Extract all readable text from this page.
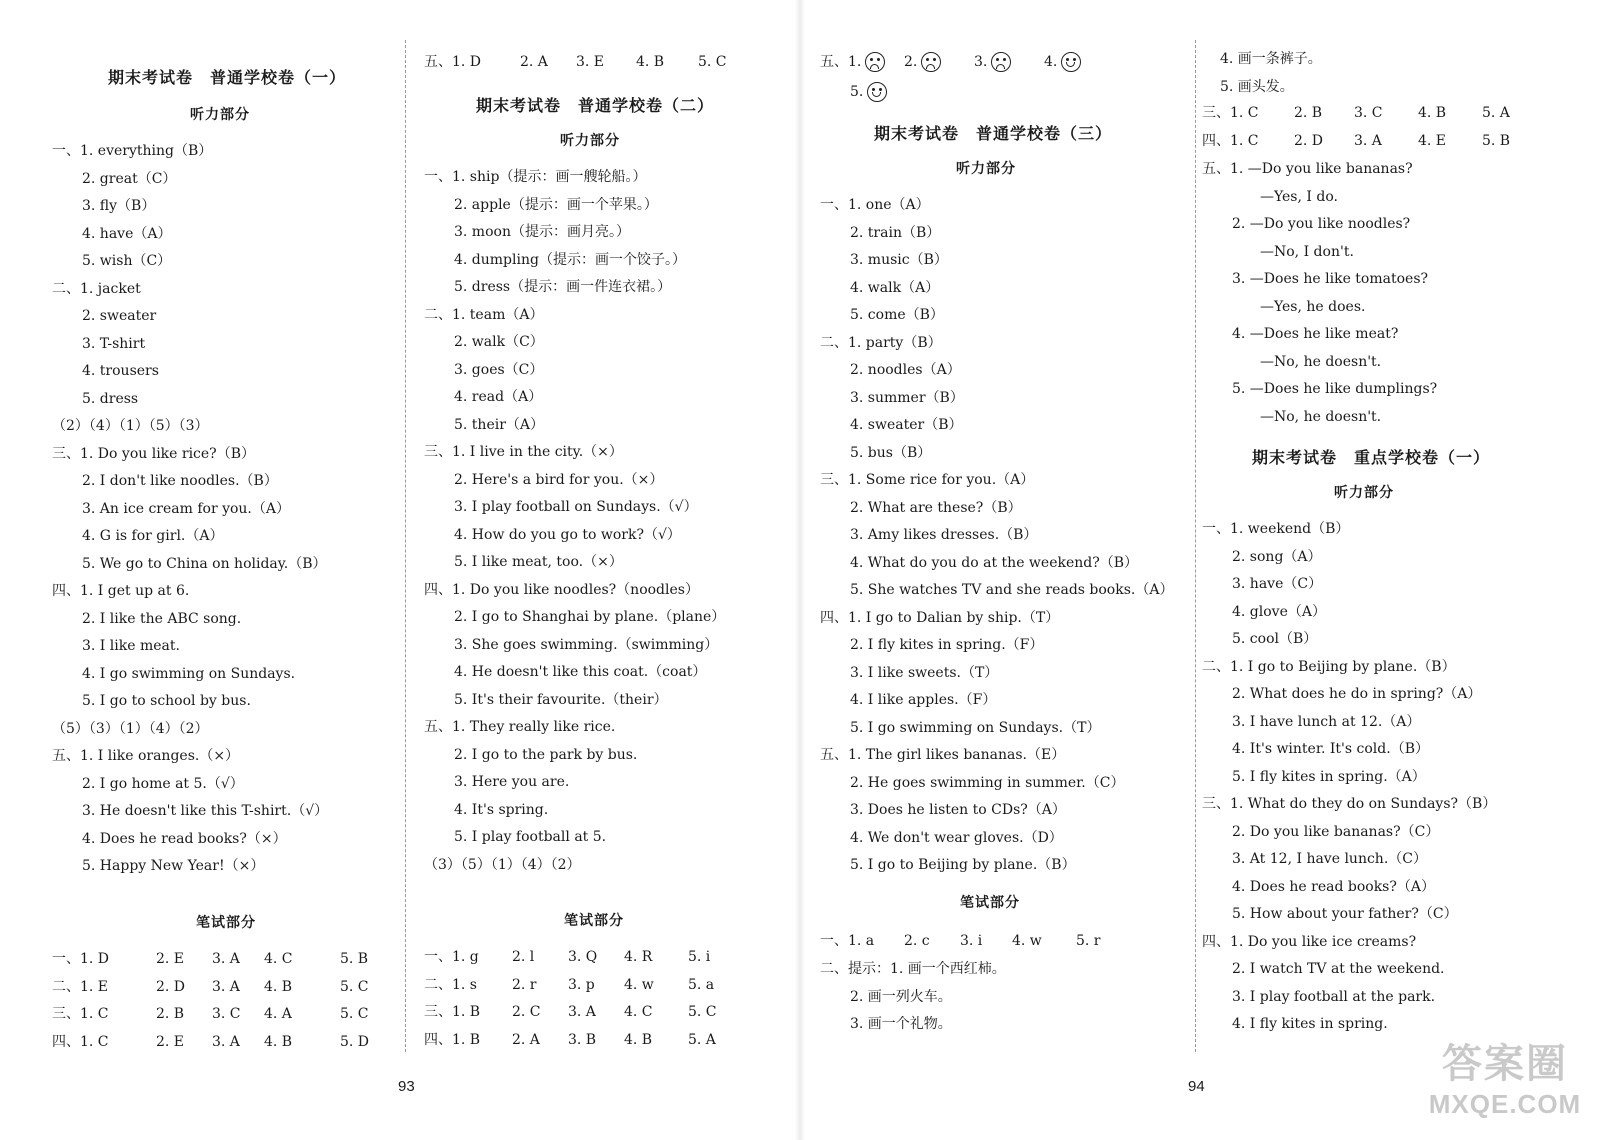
93	94
答案圈
MXQE.COM
期末考试卷　普通学校卷（一）
听力部分
一、1. everything（B）
2. great（C）
3. fly（B）
4. have（A）
5. wish（C）
二、1. jacket
2. sweater
3. T-shirt
4. trousers
5. dress
（2）（4）（1）（5）（3）
三、1. Do you like rice?（B）
2. I don't like noodles.（B）
3. An ice cream for you.（A）
4. G is for girl.（A）
5. We go to China on holiday.（B）
四、1. I get up at 6.
2. I like the ABC song.
3. I like meat.
4. I go swimming on Sundays.
5. I go to school by bus.
（5）（3）（1）（4）（2）
五、1. I like oranges.（×）
2. I go home at 5.（√）
3. He doesn't like this T-shirt.（√）
4. Does he read books?（×）
5. Happy New Year!（×）
笔试部分
一、1. D	2. E 3. A 4. C	5. B
二、1. E	2. D 3. A 4. B	5. C
三、1. C	2. B 3. C 4. A	5. C
四、1. C	2. E 3. A 4. B	5. D
五、1. D	2. A 3. E 4. B 5. C
期末考试卷　普通学校卷（二）
听力部分
一、1. ship（提示：画一艘轮船。）
2. apple（提示：画一个苹果。）
3. moon（提示：画月亮。）
4. dumpling（提示：画一个饺子。）
5. dress（提示：画一件连衣裙。）
二、1. team（A）
2. walk（C）
3. goes（C）
4. read（A）
5. their（A）
三、1. I live in the city.（×）
2. Here's a bird for you.（×）
3. I play football on Sundays.（√）
4. How do you go to work?（√）
5. I like meat, too.（×）
四、1. Do you like noodles?（noodles）
2. I go to Shanghai by plane.（plane）
3. She goes swimming.（swimming）
4. He doesn't like this coat.（coat）
5. It's their favourite.（their）
五、1. They really like rice.
2. I go to the park by bus.
3. Here you are.
4. It's spring.
5. I play football at 5.
（3）（5）（1）（4）（2）
笔试部分
一、1. g 2. l 3. Q 4. R	5. i
二、1. s	2. r 3. p 4. w 5. a
三、1. B 2. C 3. A 4. C	5. C
四、1. B 2. A 3. B 4. B	5. A
五、1.	2.	3.	4.
5.
期末考试卷　普通学校卷（三）
听力部分
一、1. one（A）
2. train（B）
3. music（B）
4. walk（A）
5. come（B）
二、1. party（B）
2. noodles（A）
3. summer（B）
4. sweater（B）
5. bus（B）
三、1. Some rice for you.（A）
2. What are these?（B）
3. Amy likes dresses.（B）
4. What do you do at the weekend?（B）
5. She watches TV and she reads books.（A）
四、1. I go to Dalian by ship.（T）
2. I fly kites in spring.（F）
3. I like sweets.（T）
4. I like apples.（F）
5. I go swimming on Sundays.（T）
五、1. The girl likes bananas.（E）
2. He goes swimming in summer.（C）
3. Does he listen to CDs?（A）
4. We don't wear gloves.（D）
5. I go to Beijing by plane.（B）
笔试部分
一、1. a 2. c 3. i 4. w 5. r
二、提示：1. 画一个西红柿。
2. 画一列火车。
3. 画一个礼物。
4. 画一条裤子。
5. 画头发。
三、1. C	2. B 3. C	4. B	5. A
四、1. C	2. D 3. A	4. E	5. B
五、1. —Do you like bananas?
—Yes, I do.
2. —Do you like noodles?
—No, I don't.
3. —Does he like tomatoes?
—Yes, he does.
4. —Does he like meat?
—No, he doesn't.
5. —Does he like dumplings?
—No, he doesn't.
期末考试卷　重点学校卷（一）
听力部分
一、1. weekend（B）
2. song（A）
3. have（C）
4. glove（A）
5. cool（B）
二、1. I go to Beijing by plane.（B）
2. What does he do in spring?（A）
3. I have lunch at 12.（A）
4. It's winter. It's cold.（B）
5. I fly kites in spring.（A）
三、1. What do they do on Sundays?（B）
2. Do you like bananas?（C）
3. At 12, I have lunch.（C）
4. Does he read books?（A）
5. How about your father?（C）
四、1. Do you like ice creams?
2. I watch TV at the weekend.
3. I play football at the park.
4. I fly kites in spring.
